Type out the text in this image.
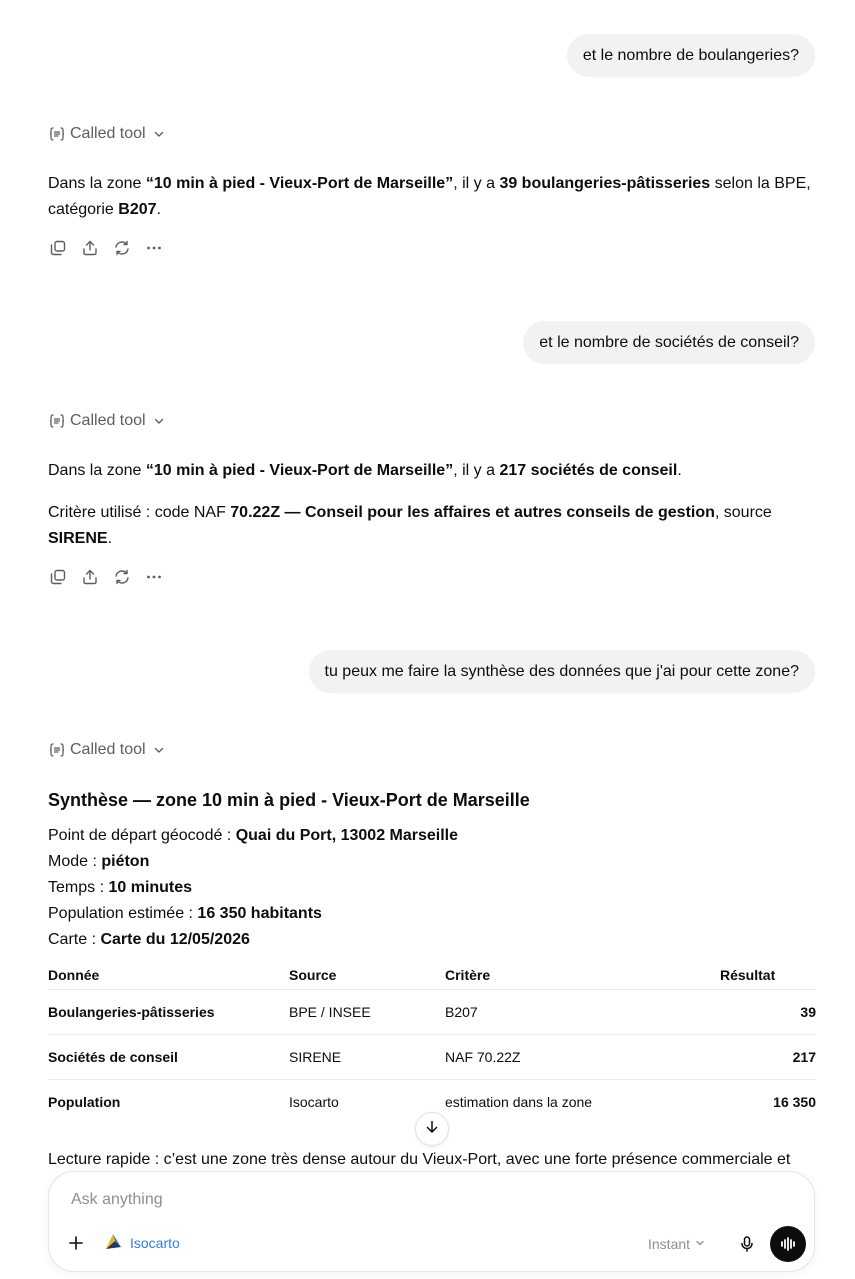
et le nombre de boulangeries?
Called tool
Dans la zone “10 min à pied - Vieux-Port de Marseille”, il y a 39 boulangeries-pâtisseries selon la BPE, catégorie B207.
et le nombre de sociétés de conseil?
Called tool
Dans la zone “10 min à pied - Vieux-Port de Marseille”, il y a 217 sociétés de conseil.
Critère utilisé : code NAF 70.22Z — Conseil pour les affaires et autres conseils de gestion, source SIRENE.
tu peux me faire la synthèse des données que j'ai pour cette zone?
Called tool
Synthèse — zone 10 min à pied - Vieux-Port de Marseille
Point de départ géocodé : Quai du Port, 13002 Marseille
Mode : piéton
Temps : 10 minutes
Population estimée : 16 350 habitants
Carte : Carte du 12/05/2026
Donnée	Source	Critère	Résultat
Boulangeries-pâtisseries	BPE / INSEE	B207	39
Sociétés de conseil	SIRENE	NAF 70.22Z	217
Population	Isocarto	estimation dans la zone	16 350
Lecture rapide : c’est une zone très dense autour du Vieux-Port, avec une forte présence commerciale et
Ask anything
Isocarto	Instant
